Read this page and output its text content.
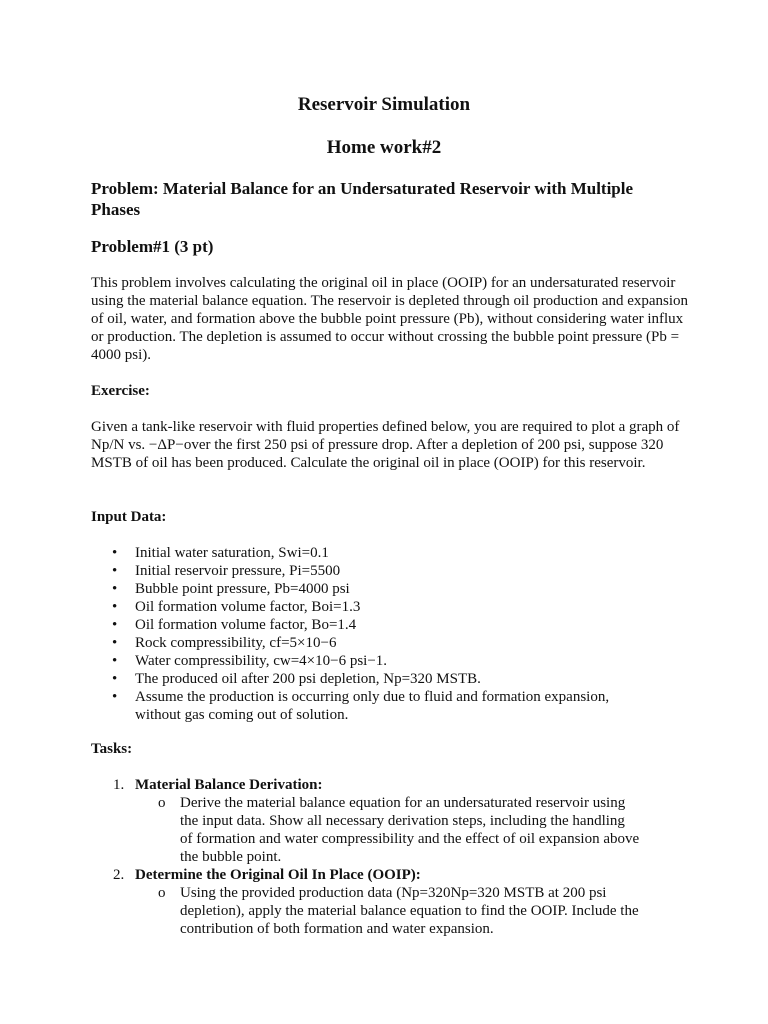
Reservoir Simulation
Home work#2
Problem: Material Balance for an Undersaturated Reservoir with Multiple Phases
Problem#1 (3 pt)

This problem involves calculating the original oil in place (OOIP) for an undersaturated reservoir using the material balance equation. The reservoir is depleted through oil production and expansion of oil, water, and formation above the bubble point pressure (Pb), without considering water influx or production. The depletion is assumed to occur without crossing the bubble point pressure (Pb = 4000 psi).

Exercise:

Given a tank-like reservoir with fluid properties defined below, you are required to plot a graph of Np/N vs. −ΔP−over the first 250 psi of pressure drop. After a depletion of 200 psi, suppose 320 MSTB of oil has been produced. Calculate the original oil in place (OOIP) for this reservoir.

Input Data:

• Initial water saturation, Swi=0.1
• Initial reservoir pressure, Pi=5500
• Bubble point pressure, Pb=4000 psi
• Oil formation volume factor, Boi=1.3
• Oil formation volume factor, Bo=1.4
• Rock compressibility, cf=5×10−6
• Water compressibility, cw=4×10−6 psi−1.
• The produced oil after 200 psi depletion, Np=320 MSTB.
• Assume the production is occurring only due to fluid and formation expansion, without gas coming out of solution.

Tasks:

1. Material Balance Derivation:
o Derive the material balance equation for an undersaturated reservoir using the input data. Show all necessary derivation steps, including the handling of formation and water compressibility and the effect of oil expansion above the bubble point.
2. Determine the Original Oil In Place (OOIP):
o Using the provided production data (Np=320Np=320 MSTB at 200 psi depletion), apply the material balance equation to find the OOIP. Include the contribution of both formation and water expansion.
